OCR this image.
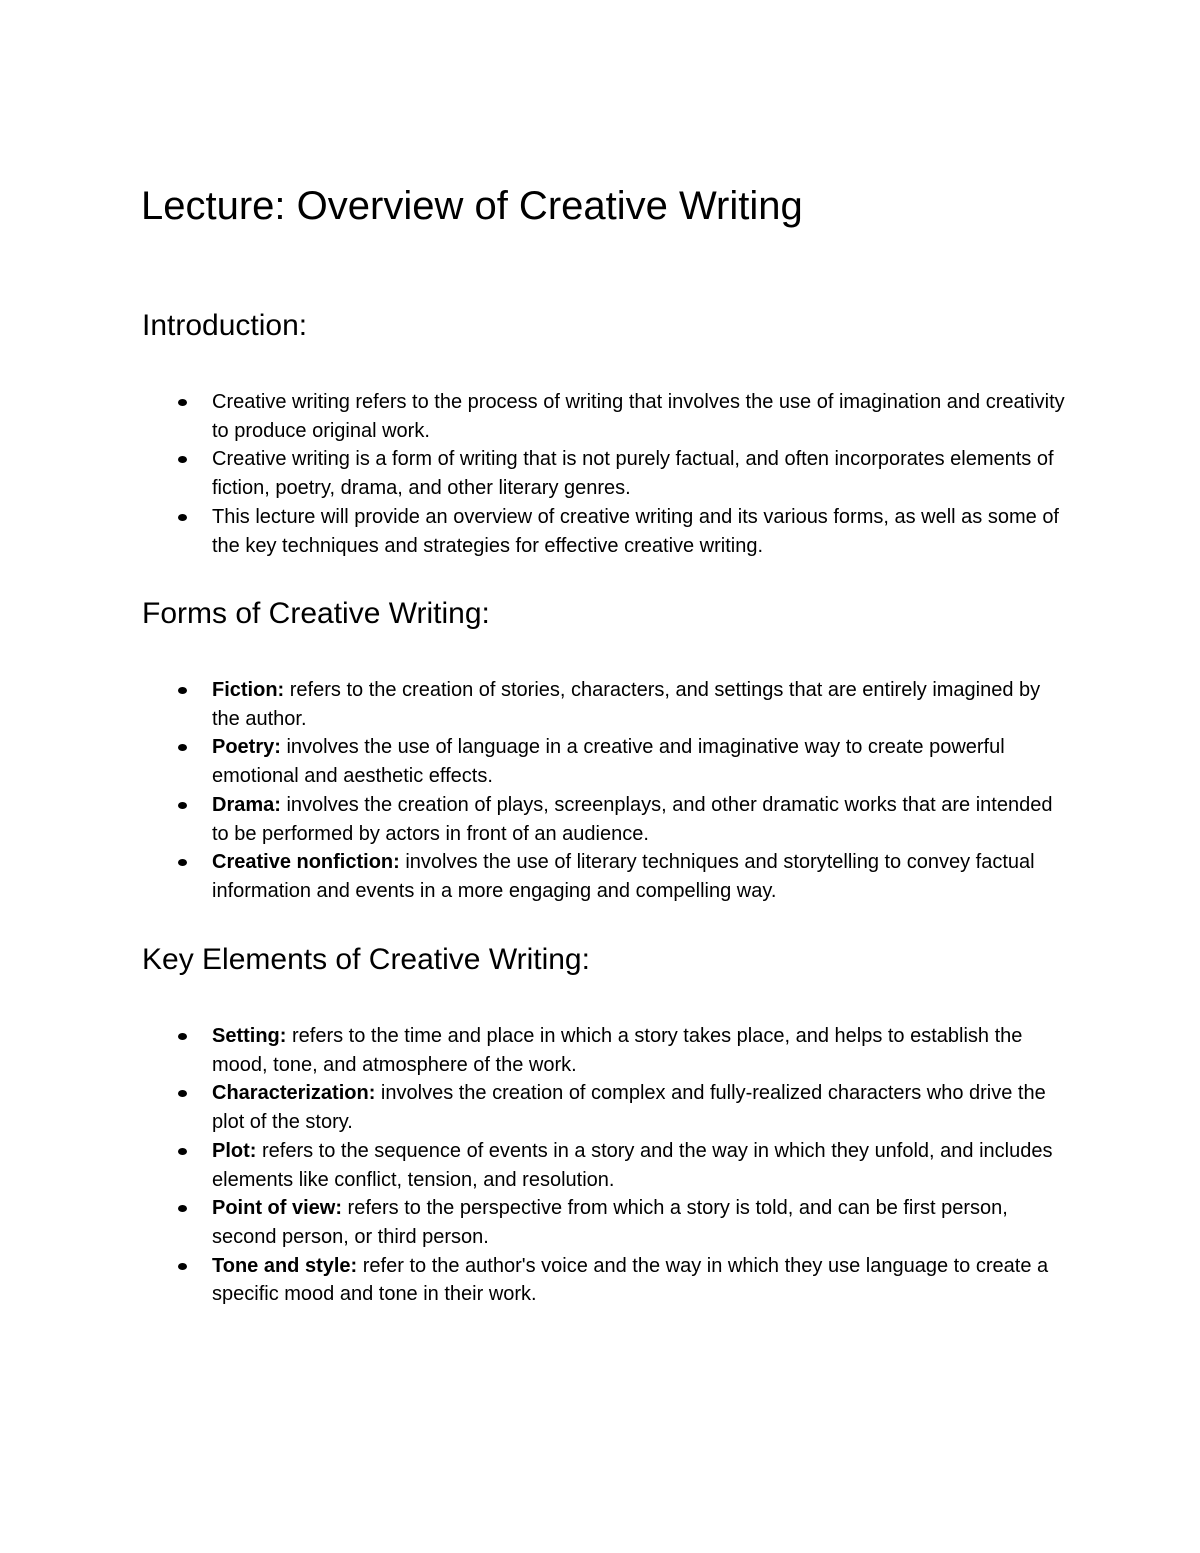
Lecture: Overview of Creative Writing
Introduction:
Creative writing refers to the process of writing that involves the use of imagination and creativity to produce original work.
Creative writing is a form of writing that is not purely factual, and often incorporates elements of fiction, poetry, drama, and other literary genres.
This lecture will provide an overview of creative writing and its various forms, as well as some of the key techniques and strategies for effective creative writing.
Forms of Creative Writing:
Fiction: refers to the creation of stories, characters, and settings that are entirely imagined by the author.
Poetry: involves the use of language in a creative and imaginative way to create powerful emotional and aesthetic effects.
Drama: involves the creation of plays, screenplays, and other dramatic works that are intended to be performed by actors in front of an audience.
Creative nonfiction: involves the use of literary techniques and storytelling to convey factual information and events in a more engaging and compelling way.
Key Elements of Creative Writing:
Setting: refers to the time and place in which a story takes place, and helps to establish the mood, tone, and atmosphere of the work.
Characterization: involves the creation of complex and fully-realized characters who drive the plot of the story.
Plot: refers to the sequence of events in a story and the way in which they unfold, and includes elements like conflict, tension, and resolution.
Point of view: refers to the perspective from which a story is told, and can be first person, second person, or third person.
Tone and style: refer to the author's voice and the way in which they use language to create a specific mood and tone in their work.
